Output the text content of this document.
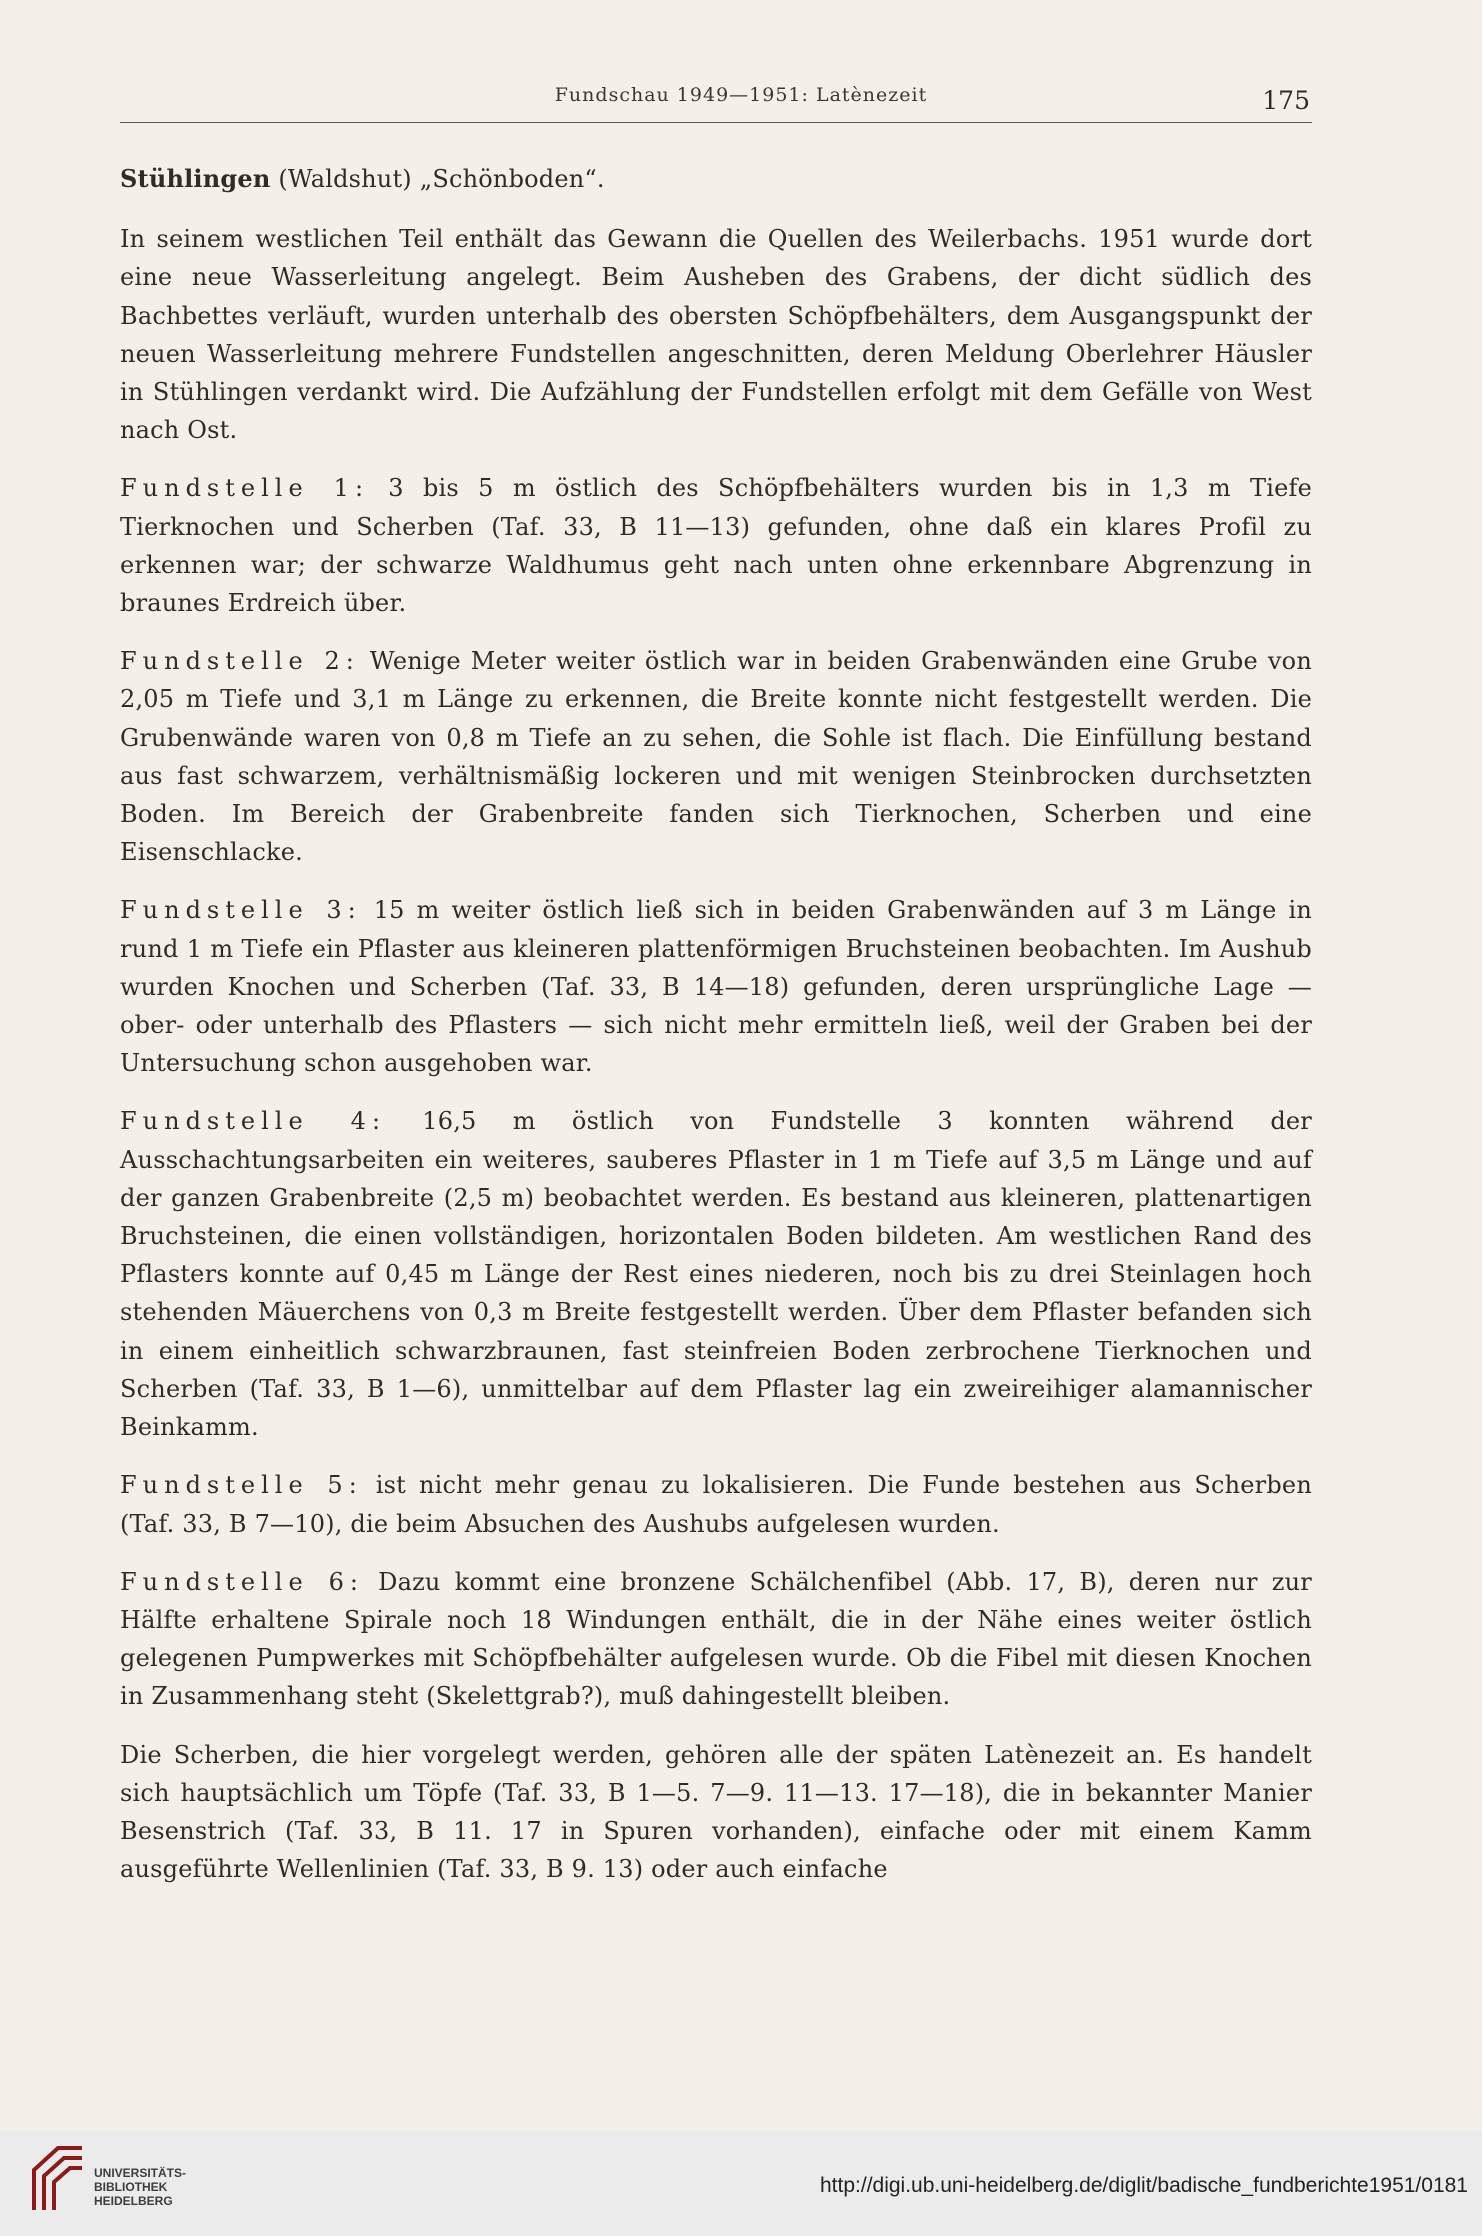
Fundschau 1949—1951: Latènezeit	175
Stühlingen (Waldshut) „Schönboden“.

In seinem westlichen Teil enthält das Gewann die Quellen des Weilerbachs. 1951 wurde dort eine neue Wasserleitung angelegt. Beim Ausheben des Grabens, der dicht südlich des Bachbettes verläuft, wurden unterhalb des obersten Schöpfbehälters, dem Ausgangspunkt der neuen Wasserleitung mehrere Fundstellen angeschnitten, deren Meldung Oberlehrer Häusler in Stühlingen verdankt wird. Die Aufzählung der Fundstellen erfolgt mit dem Gefälle von West nach Ost.

Fundstelle 1: 3 bis 5 m östlich des Schöpfbehälters wurden bis in 1,3 m Tiefe Tierknochen und Scherben (Taf. 33, B 11—13) gefunden, ohne daß ein klares Profil zu erkennen war; der schwarze Waldhumus geht nach unten ohne erkennbare Abgrenzung in braunes Erdreich über.

Fundstelle 2: Wenige Meter weiter östlich war in beiden Grabenwänden eine Grube von 2,05 m Tiefe und 3,1 m Länge zu erkennen, die Breite konnte nicht festgestellt werden. Die Grubenwände waren von 0,8 m Tiefe an zu sehen, die Sohle ist flach. Die Einfüllung bestand aus fast schwarzem, verhältnismäßig lockeren und mit wenigen Steinbrocken durchsetzten Boden. Im Bereich der Grabenbreite fanden sich Tierknochen, Scherben und eine Eisenschlacke.

Fundstelle 3: 15 m weiter östlich ließ sich in beiden Grabenwänden auf 3 m Länge in rund 1 m Tiefe ein Pflaster aus kleineren plattenförmigen Bruchsteinen beobachten. Im Aushub wurden Knochen und Scherben (Taf. 33, B 14—18) gefunden, deren ursprüngliche Lage — ober- oder unterhalb des Pflasters — sich nicht mehr ermitteln ließ, weil der Graben bei der Untersuchung schon ausgehoben war.

Fundstelle 4: 16,5 m östlich von Fundstelle 3 konnten während der Ausschachtungsarbeiten ein weiteres, sauberes Pflaster in 1 m Tiefe auf 3,5 m Länge und auf der ganzen Grabenbreite (2,5 m) beobachtet werden. Es bestand aus kleineren, plattenartigen Bruchsteinen, die einen vollständigen, horizontalen Boden bildeten. Am westlichen Rand des Pflasters konnte auf 0,45 m Länge der Rest eines niederen, noch bis zu drei Steinlagen hoch stehenden Mäuerchens von 0,3 m Breite festgestellt werden. Über dem Pflaster befanden sich in einem einheitlich schwarzbraunen, fast steinfreien Boden zerbrochene Tierknochen und Scherben (Taf. 33, B 1—6), unmittelbar auf dem Pflaster lag ein zweireihiger alamannischer Beinkamm.

Fundstelle 5: ist nicht mehr genau zu lokalisieren. Die Funde bestehen aus Scherben (Taf. 33, B 7—10), die beim Absuchen des Aushubs aufgelesen wurden.

Fundstelle 6: Dazu kommt eine bronzene Schälchenfibel (Abb. 17, B), deren nur zur Hälfte erhaltene Spirale noch 18 Windungen enthält, die in der Nähe eines weiter östlich gelegenen Pumpwerkes mit Schöpfbehälter aufgelesen wurde. Ob die Fibel mit diesen Knochen in Zusammenhang steht (Skelettgrab?), muß dahingestellt bleiben.

Die Scherben, die hier vorgelegt werden, gehören alle der späten Latènezeit an. Es handelt sich hauptsächlich um Töpfe (Taf. 33, B 1—5. 7—9. 11—13. 17—18), die in bekannter Manier Besenstrich (Taf. 33, B 11. 17 in Spuren vorhanden), einfache oder mit einem Kamm ausgeführte Wellenlinien (Taf. 33, B 9. 13) oder auch einfache

UNIVERSITÄTS-
BIBLIOTHEK
HEIDELBERG
http://digi.ub.uni-heidelberg.de/diglit/badische_fundberichte1951/0181
